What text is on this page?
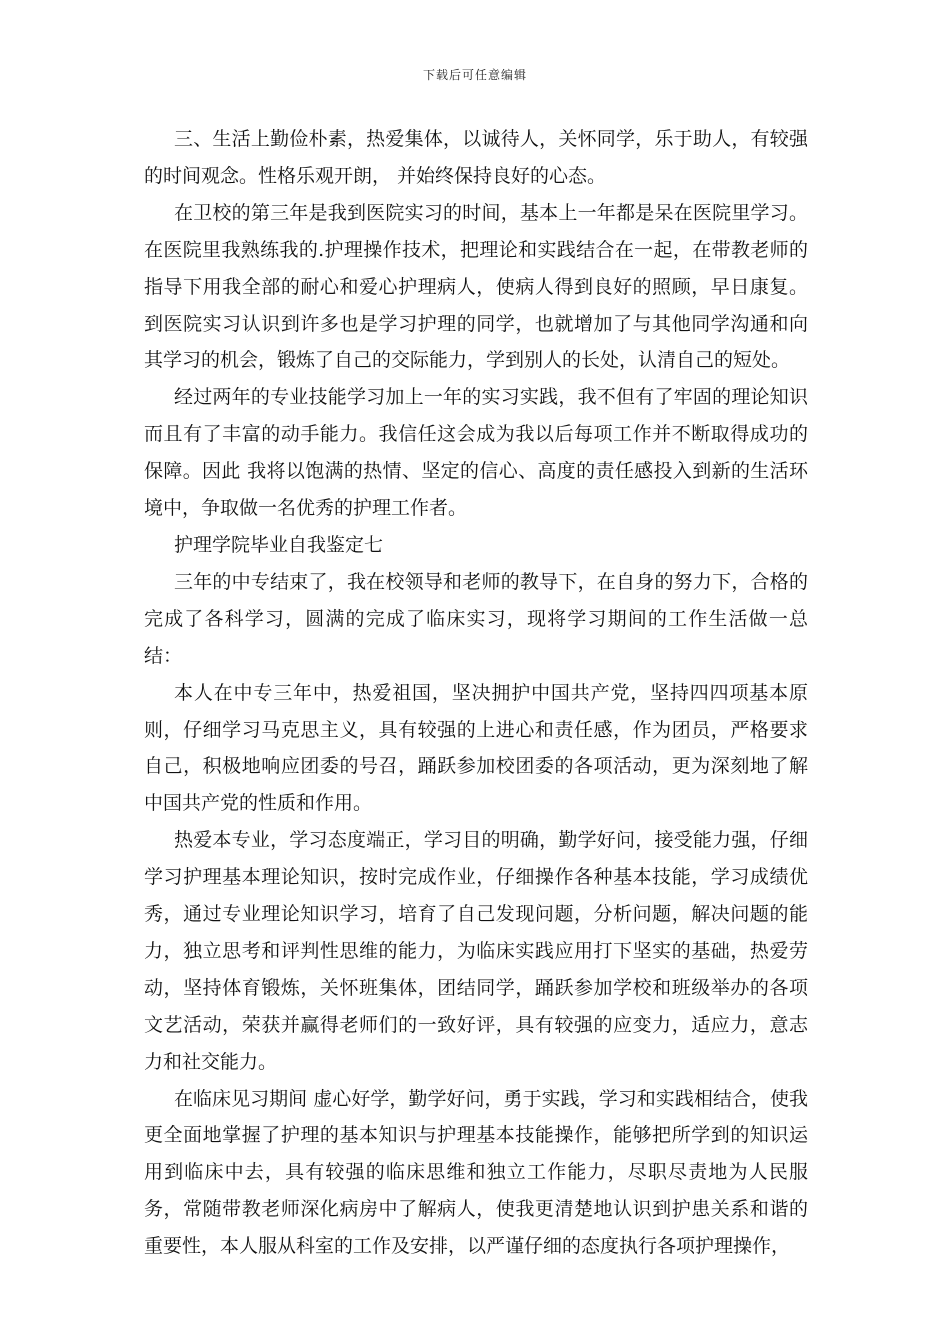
下载后可任意编辑

三、生活上勤俭朴素，热爱集体，以诚待人，关怀同学，乐于助人，有较强的时间观念。性格乐观开朗， 并始终保持良好的心态。

在卫校的第三年是我到医院实习的时间，基本上一年都是呆在医院里学习。在医院里我熟练我的.护理操作技术，把理论和实践结合在一起，在带教老师的指导下用我全部的耐心和爱心护理病人，使病人得到良好的照顾，早日康复。到医院实习认识到许多也是学习护理的同学，也就增加了与其他同学沟通和向其学习的机会，锻炼了自己的交际能力，学到别人的长处，认清自己的短处。

经过两年的专业技能学习加上一年的实习实践，我不但有了牢固的理论知识而且有了丰富的动手能力。我信任这会成为我以后每项工作并不断取得成功的保障。因此 我将以饱满的热情、坚定的信心、高度的责任感投入到新的生活环境中，争取做一名优秀的护理工作者。

护理学院毕业自我鉴定七

三年的中专结束了，我在校领导和老师的教导下，在自身的努力下，合格的完成了各科学习，圆满的完成了临床实习，现将学习期间的工作生活做一总结：

本人在中专三年中，热爱祖国，坚决拥护中国共产党，坚持四四项基本原则，仔细学习马克思主义，具有较强的上进心和责任感，作为团员，严格要求自己，积极地响应团委的号召，踊跃参加校团委的各项活动，更为深刻地了解中国共产党的性质和作用。

热爱本专业，学习态度端正，学习目的明确，勤学好问，接受能力强，仔细学习护理基本理论知识，按时完成作业，仔细操作各种基本技能，学习成绩优秀，通过专业理论知识学习，培育了自己发现问题，分析问题，解决问题的能力，独立思考和评判性思维的能力，为临床实践应用打下坚实的基础，热爱劳动，坚持体育锻炼，关怀班集体，团结同学，踊跃参加学校和班级举办的各项文艺活动，荣获并赢得老师们的一致好评，具有较强的应变力，适应力，意志力和社交能力。

在临床见习期间 虚心好学，勤学好问，勇于实践，学习和实践相结合，使我更全面地掌握了护理的基本知识与护理基本技能操作，能够把所学到的知识运用到临床中去，具有较强的临床思维和独立工作能力，尽职尽责地为人民服务，常随带教老师深化病房中了解病人，使我更清楚地认识到护患关系和谐的重要性，本人服从科室的工作及安排，以严谨仔细的态度执行各项护理操作，
